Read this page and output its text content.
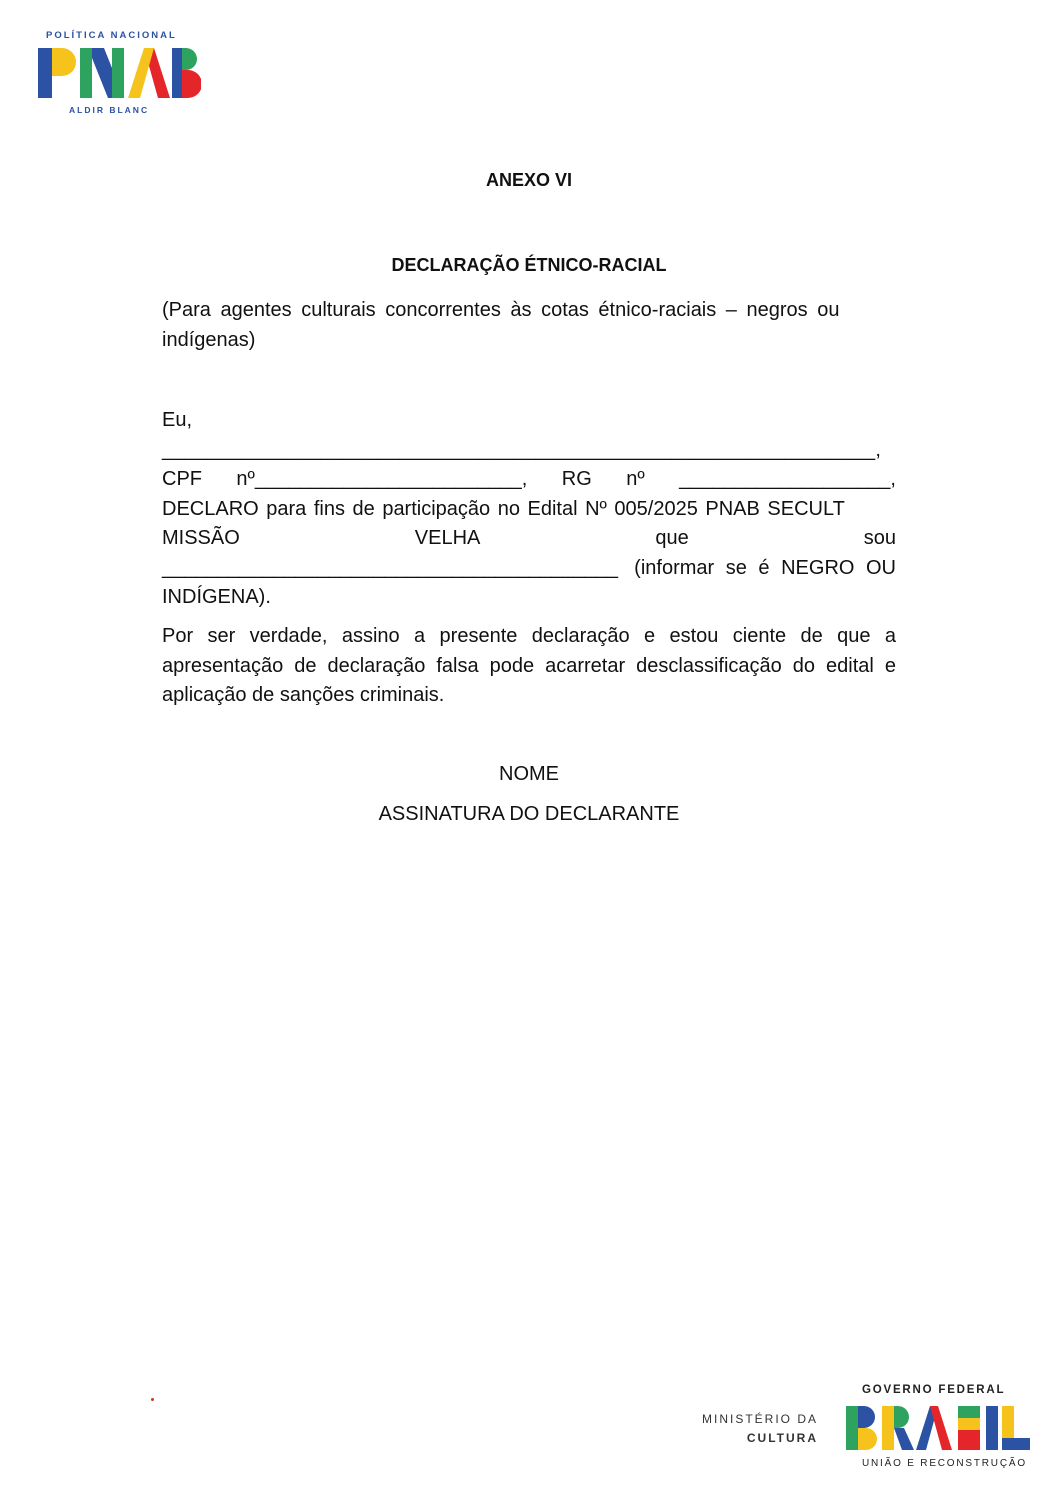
POLÍTICA NACIONAL
ALDIR BLANC
ANEXO VI
DECLARAÇÃO ÉTNICO-RACIAL
(Para agentes culturais concorrentes às cotas étnico-raciais – negros ou
indígenas)
Eu,
_______________________________________________________________,
CPF nº________________________, RG nº ___________________,
DECLARO para fins de participação no Edital Nº 005/2025 PNAB SECULT
MISSÃO	VELHA	que	sou
_________________________________________ (informar se é NEGRO OU
INDÍGENA).
Por ser verdade, assino a presente declaração e estou ciente de que a apresentação de declaração falsa pode acarretar desclassificação do edital e aplicação de sanções criminais.
NOME
ASSINATURA DO DECLARANTE
MINISTÉRIO DA
CULTURA
GOVERNO FEDERAL
UNIÃO E RECONSTRUÇÃO
